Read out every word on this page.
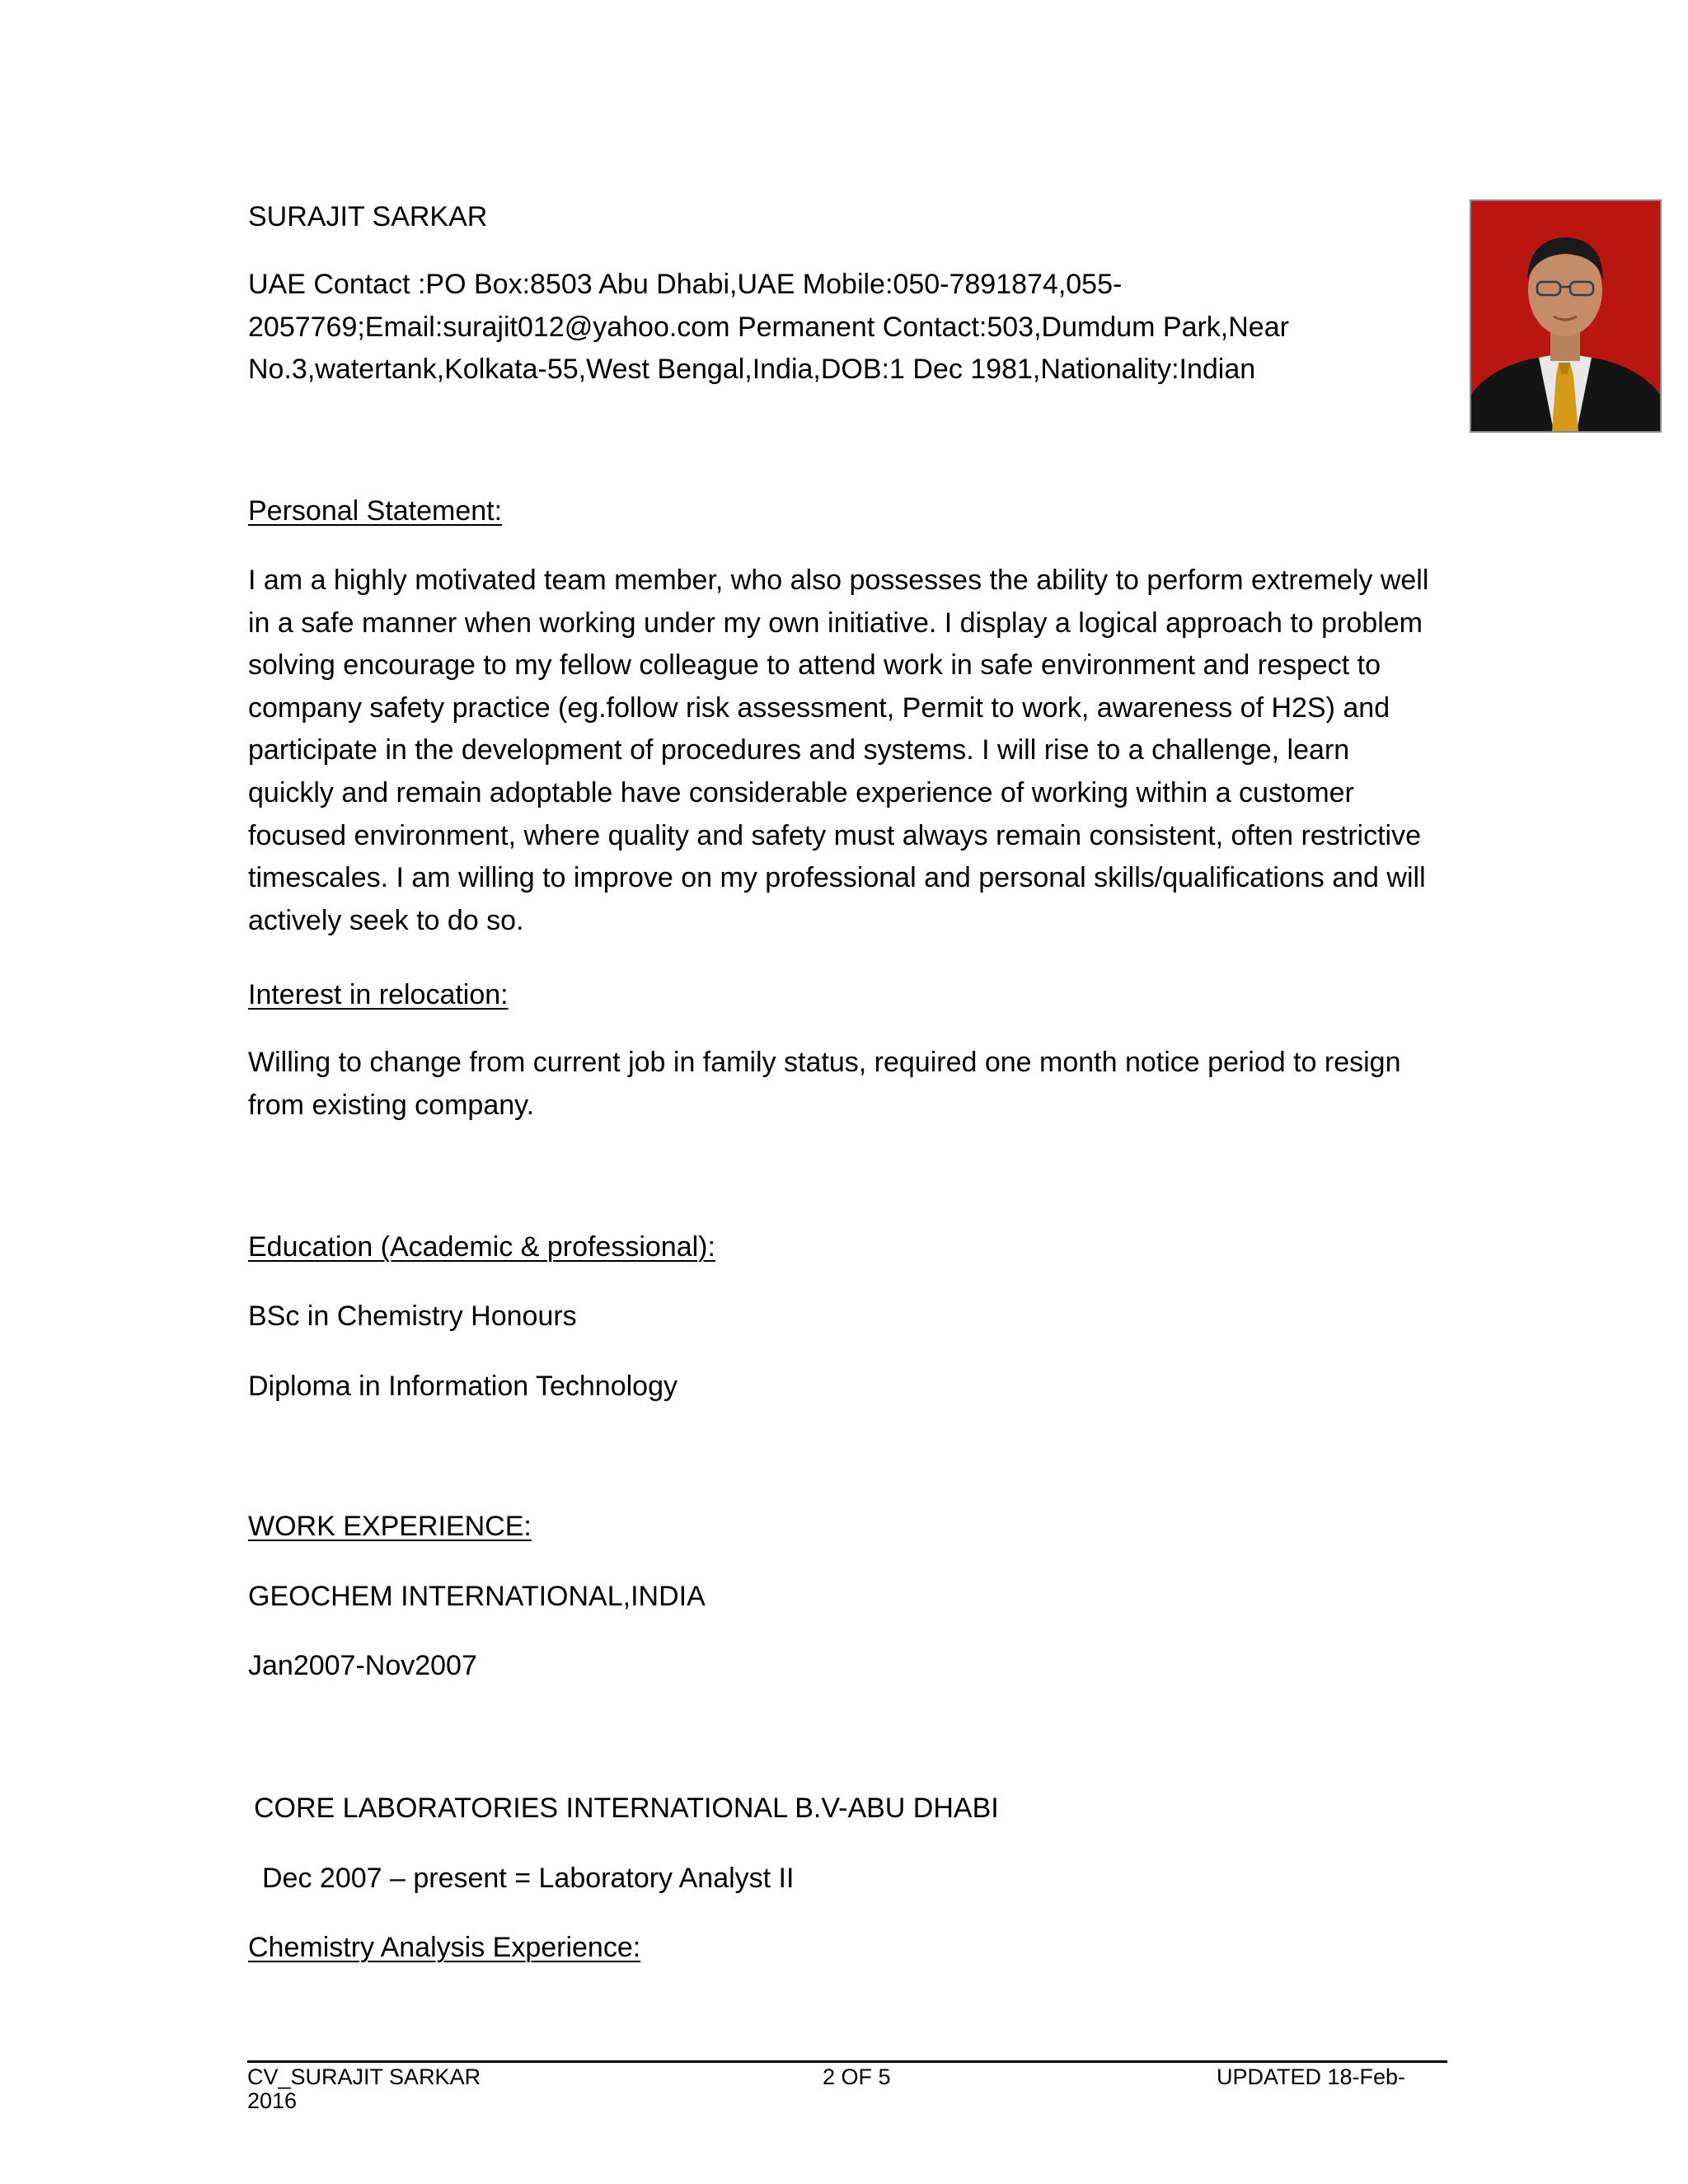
SURAJIT SARKAR
UAE Contact :PO Box:8503 Abu Dhabi,UAE Mobile:050-7891874,055-
2057769;Email:surajit012@yahoo.com Permanent Contact:503,Dumdum Park,Near
No.3,watertank,Kolkata-55,West Bengal,India,DOB:1 Dec 1981,Nationality:Indian
Personal Statement:
I am a highly motivated team member, who also possesses the ability to perform extremely well
in a safe manner when working under my own initiative. I display a logical approach to problem
solving encourage to my fellow colleague to attend work in safe environment and respect to
company safety practice (eg.follow risk assessment, Permit to work, awareness of H2S) and
participate in the development of procedures and systems. I will rise to a challenge, learn
quickly and remain adoptable have considerable experience of working within a customer
focused environment, where quality and safety must always remain consistent, often restrictive
timescales. I am willing to improve on my professional and personal skills/qualifications and will
actively seek to do so.
Interest in relocation:
Willing to change from current job in family status, required one month notice period to resign
from existing company.
Education (Academic & professional):
BSc in Chemistry Honours
Diploma in Information Technology
WORK EXPERIENCE:
GEOCHEM INTERNATIONAL,INDIA
Jan2007-Nov2007
CORE LABORATORIES INTERNATIONAL B.V-ABU DHABI
Dec 2007 – present = Laboratory Analyst II
Chemistry Analysis Experience:
CV_SURAJIT SARKAR
2016
2 OF 5	UPDATED 18-Feb-
